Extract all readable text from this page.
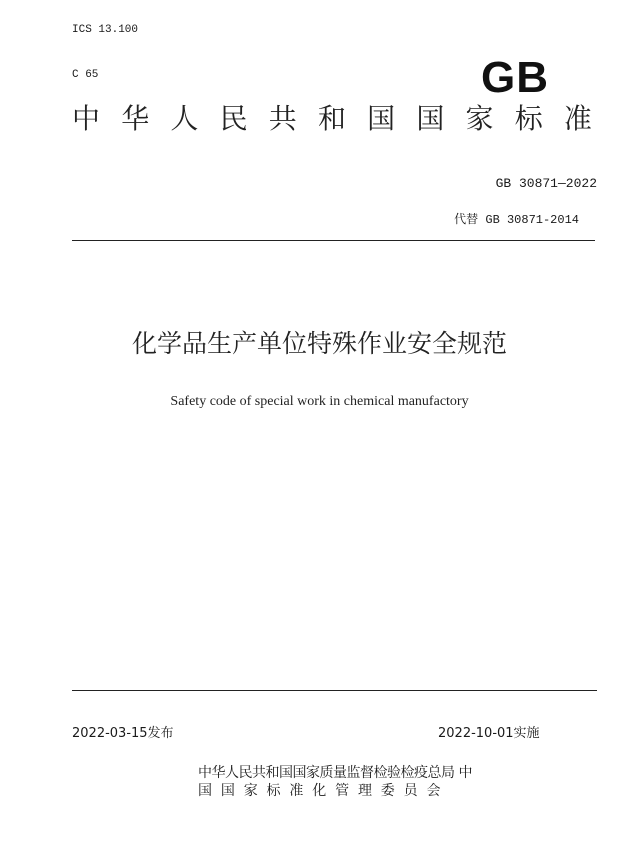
ICS 13.100
C 65	GB
中 华 人 民 共 和 国 国 家 标 准
GB 30871—2022
代替 GB 30871-2014
化学品生产单位特殊作业安全规范
Safety code of special work in chemical manufactory
2022-03-15发布	2022-10-01实施
中华人民共和国国家质量监督检验检疫总局 中
国 国 家 标 准 化 管 理 委 员 会
